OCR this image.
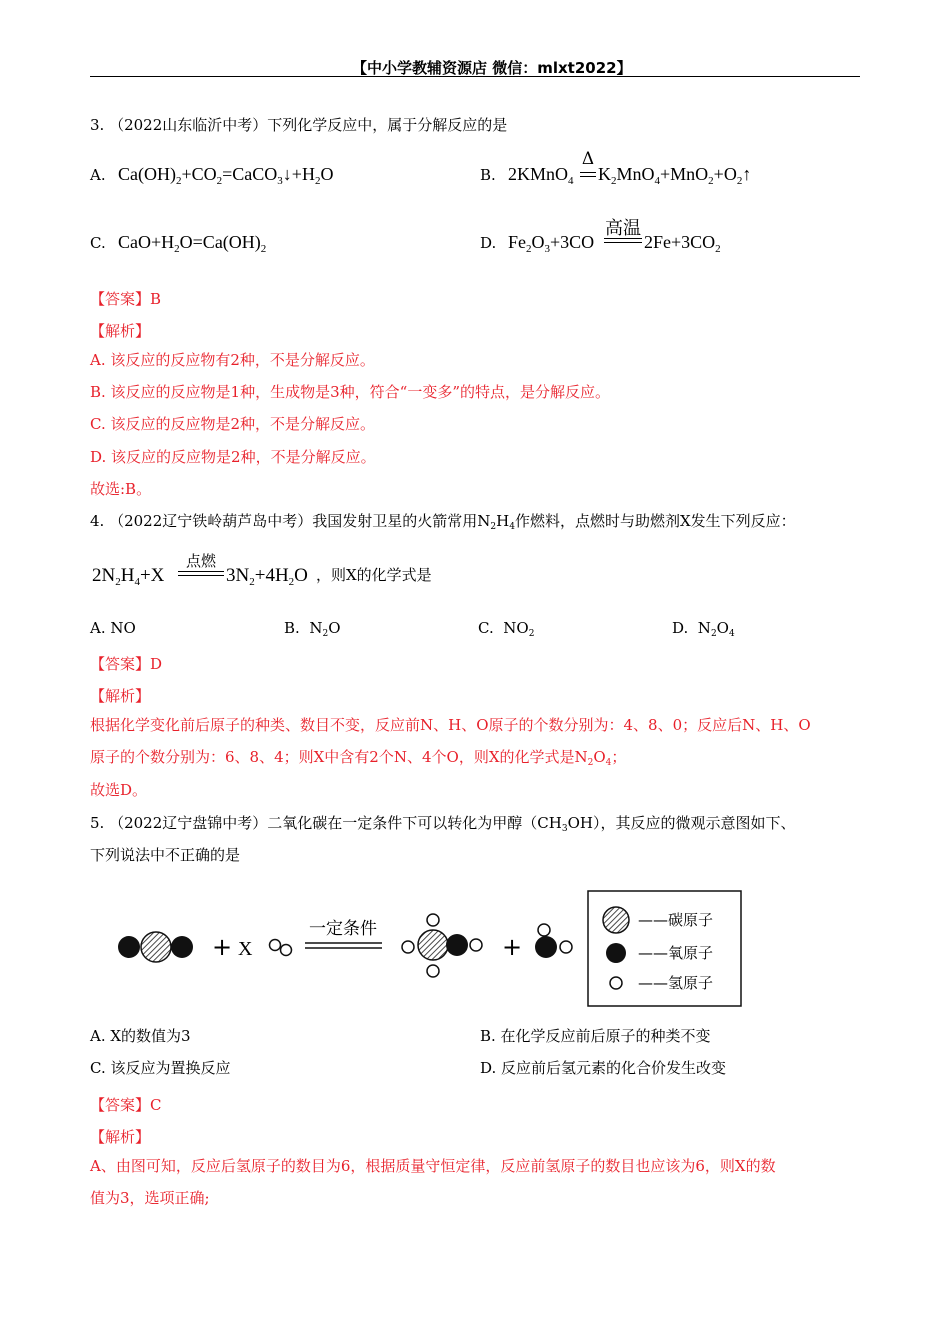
【中小学教辅资源店 微信：mlxt2022】
3. （2022山东临沂中考）下列化学反应中，属于分解反应的是
A. $Ca(OH)_2+CO_2=CaCO_3↓+H_2O$	B. 2KMnO$_4$
Δ
$K_2MnO_4+MnO_2+O_2↑$
C. $CaO+H_2O=Ca(OH)_2$	D. $Fe_2O_3+3CO$
高温
$2Fe+3CO_2$
【答案】B
【解析】
A. 该反应的反应物有2种，不是分解反应。
B. 该反应的反应物是1种，生成物是3种，符合“一变多”的特点，是分解反应。
C. 该反应的反应物是2种，不是分解反应。
D. 该反应的反应物是2种，不是分解反应。
故选:B。
4. （2022辽宁铁岭葫芦岛中考）我国发射卫星的火箭常用$N_2H_4$作燃料，点燃时与助燃剂X发生下列反应：
$2N_2H_4+X$
点燃
$3N_2+4H_2O$ ，则X的化学式是
A. NO	B.  $N_2O$	C.  $NO_2$	D.  $N_2O_4$
【答案】D
【解析】
根据化学变化前后原子的种类、数目不变，反应前N、H、O原子的个数分别为：4、8、0；反应后N、H、O
原子的个数分别为：6、8、4；则X中含有2个N、4个O，则X的化学式是$N_2O_4$；
故选D。
5. （2022辽宁盘锦中考）二氧化碳在一定条件下可以转化为甲醇$(CH_3OH)$，其反应的微观示意图如下、
下列说法中不正确的是
+ X
一定条件
+
——碳原子
——氧原子
——氢原子
A. X的数值为3	B. 在化学反应前后原子的种类不变
C. 该反应为置换反应	D. 反应前后氢元素的化合价发生改变
【答案】C
【解析】
A、由图可知，反应后氢原子的数目为6，根据质量守恒定律，反应前氢原子的数目也应该为6，则X的数
值为3，选项正确;
